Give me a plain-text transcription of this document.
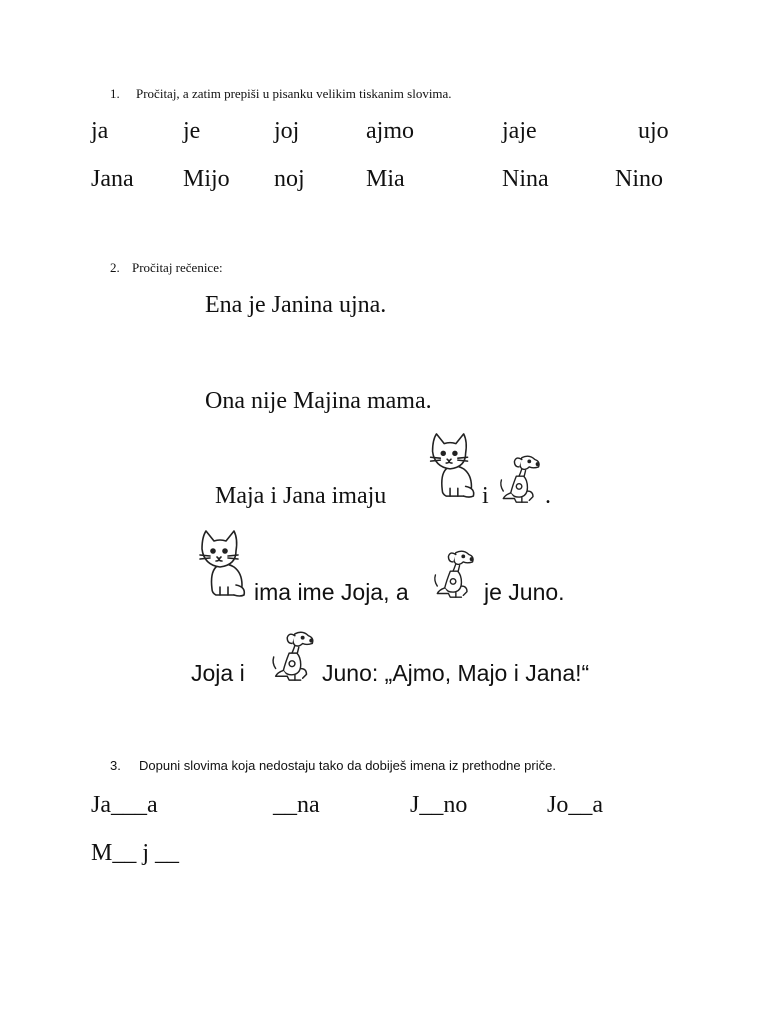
1. Pročitaj, a zatim prepiši u pisanku velikim tiskanim slovima.
ja	je	joj	ajmo	jaje	ujo
Jana Mijo noj	Mia	Nina	Nino
2. Pročitaj rečenice:
Ena je Janina ujna.
Ona nije Majina mama.
Maja i Jana imaju	i .
ima ime Joja, a	je Juno.
Joja i	Juno: „Ajmo, Majo i Jana!“
3. Dopuni slovima koja nedostaju tako da dobiješ imena iz prethodne priče.
Ja___a	__na	J__no	Jo__a
M__ j __
